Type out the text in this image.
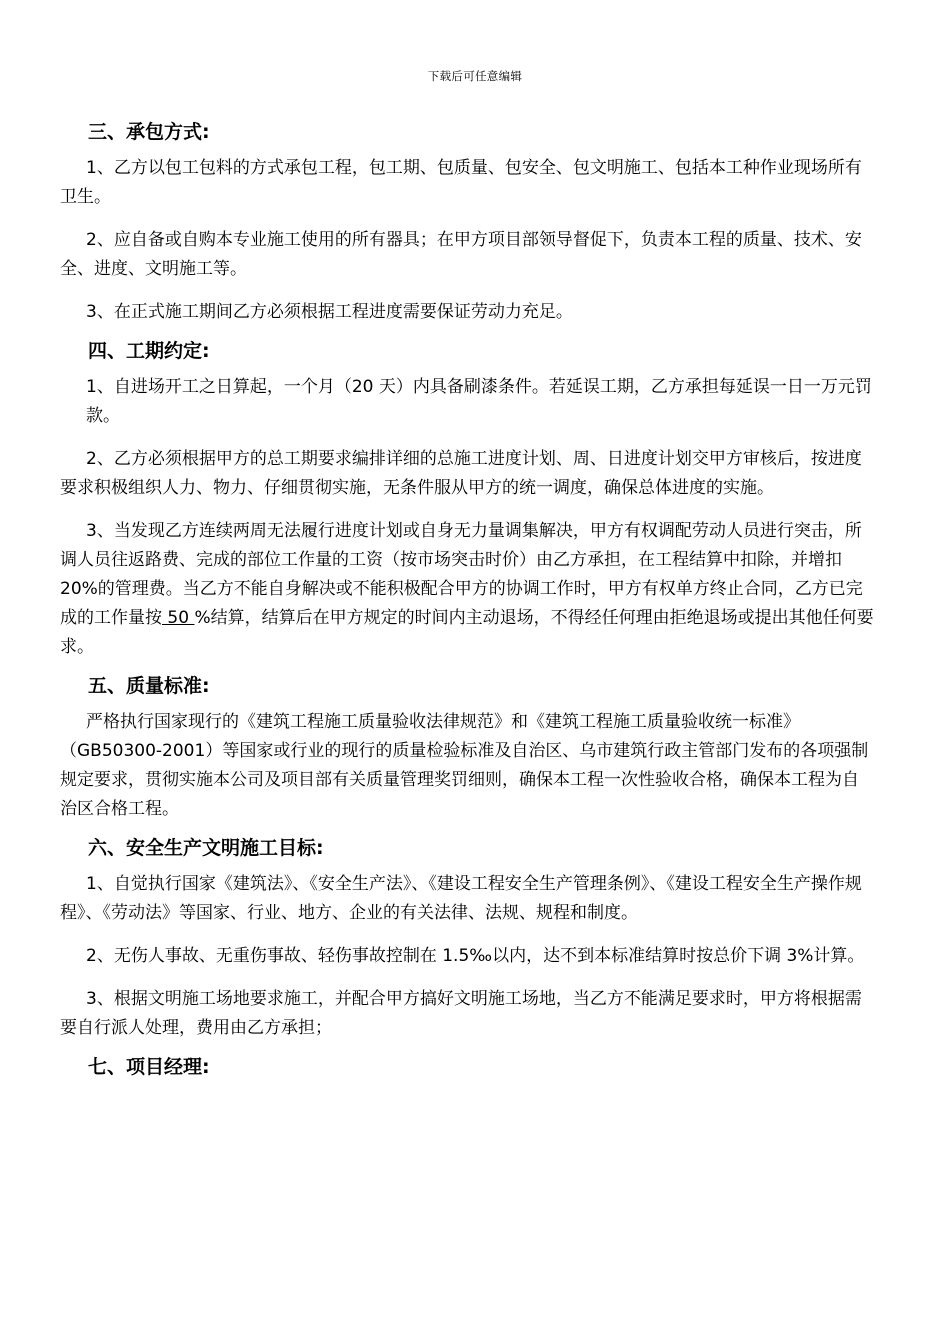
下载后可任意编辑
三、承包方式:
1、乙方以包工包料的方式承包工程，包工期、包质量、包安全、包文明施工、包括本工种作业现场所有卫生。
2、应自备或自购本专业施工使用的所有器具；在甲方项目部领导督促下，负责本工程的质量、技术、安全、进度、文明施工等。
3、在正式施工期间乙方必须根据工程进度需要保证劳动力充足。
四、工期约定:
1、自进场开工之日算起，一个月（20 天）内具备刷漆条件。若延误工期，乙方承担每延误一日一万元罚款。
2、乙方必须根据甲方的总工期要求编排详细的总施工进度计划、周、日进度计划交甲方审核后，按进度要求积极组织人力、物力、仔细贯彻实施，无条件服从甲方的统一调度，确保总体进度的实施。
3、当发现乙方连续两周无法履行进度计划或自身无力量调集解决，甲方有权调配劳动人员进行突击，所调人员往返路费、完成的部位工作量的工资（按市场突击时价）由乙方承担，在工程结算中扣除，并增扣 20%的管理费。当乙方不能自身解决或不能积极配合甲方的协调工作时，甲方有权单方终止合同，乙方已完成的工作量按 50 %结算，结算后在甲方规定的时间内主动退场，不得经任何理由拒绝退场或提出其他任何要求。
五、质量标准:
严格执行国家现行的《建筑工程施工质量验收法律规范》和《建筑工程施工质量验收统一标准》（GB50300-2001）等国家或行业的现行的质量检验标准及自治区、乌市建筑行政主管部门发布的各项强制规定要求，贯彻实施本公司及项目部有关质量管理奖罚细则，确保本工程一次性验收合格，确保本工程为自治区合格工程。
六、安全生产文明施工目标:
1、自觉执行国家《建筑法》、《安全生产法》、《建设工程安全生产管理条例》、《建设工程安全生产操作规程》、《劳动法》等国家、行业、地方、企业的有关法律、法规、规程和制度。
2、无伤人事故、无重伤事故、轻伤事故控制在 1.5‰以内，达不到本标准结算时按总价下调 3%计算。
3、根据文明施工场地要求施工，并配合甲方搞好文明施工场地，当乙方不能满足要求时，甲方将根据需要自行派人处理，费用由乙方承担；
七、项目经理:
